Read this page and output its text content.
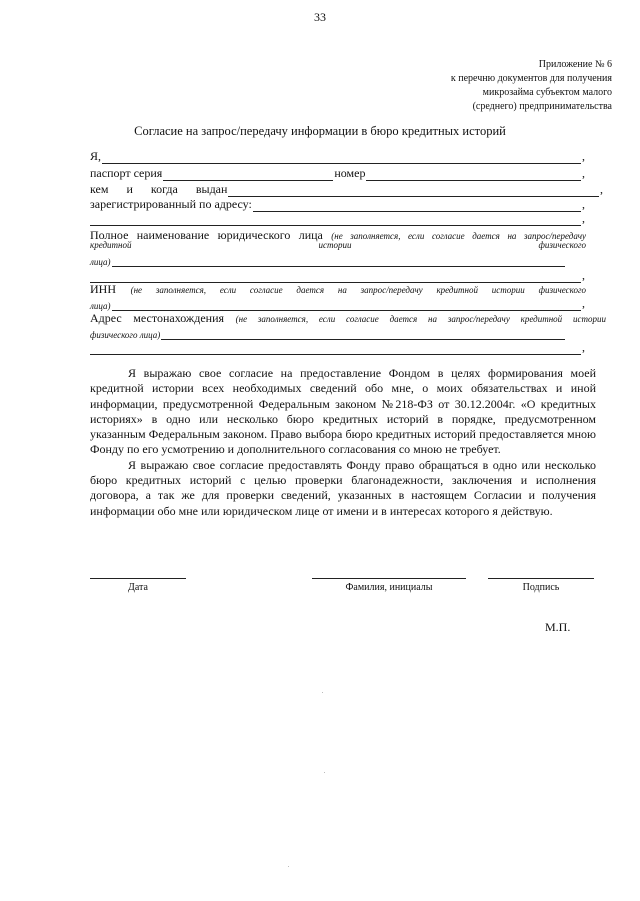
33
Приложение № 6
к перечню документов для получения
микрозайма субъектом малого
(среднего) предпринимательства
Согласие на запрос/передачу информации в бюро кредитных историй
Я,	,
паспорт серия	номер	,
кем      и      когда      выдан	,
зарегистрированный по адресу:	,
,
Полное наименование юридического лица (не заполняется, если согласие дается на запрос/передачу
кредитной	истории	физического
лица)
,
ИНН (не заполняется, если согласие дается на запрос/передачу кредитной истории физического
лица)	,
Адрес местонахождения (не заполняется, если согласие дается на запрос/передачу кредитной истории
физического лица)
,

Я выражаю свое согласие на предоставление Фондом в целях формирования моей кредитной истории всех необходимых сведений обо мне, о моих обязательствах и иной информации, предусмотренной Федеральным законом №218-ФЗ от 30.12.2004г. «О кредитных историях» в одно или несколько бюро кредитных историй в порядке, предусмотренном указанным Федеральным законом. Право выбора бюро кредитных историй предоставляется мною Фонду по его усмотрению и дополнительного согласования со мною не требует.

Я выражаю свое согласие предоставлять Фонду право обращаться в одно или несколько бюро кредитных историй с целью проверки благонадежности, заключения и исполнения договора, а так же для проверки сведений, указанных в настоящем Согласии и получения информации обо мне или юридическом лице от имени и в интересах которого я действую.

Дата	Фамилия, инициалы	Подпись
М.П.
